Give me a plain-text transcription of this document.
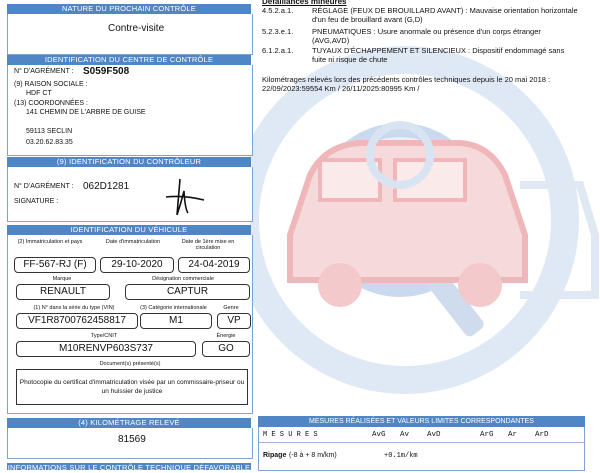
NATURE DU PROCHAIN CONTRÔLE
Contre-visite
IDENTIFICATION DU CENTRE DE CONTRÔLE
N° D'AGRÉMENT : S059F508
(9) RAISON SOCIALE :
HDF CT
(13) COORDONNÉES :
141 CHEMIN DE L'ARBRE DE GUISE
59113 SECLIN
03.20.62.83.35
(9) IDENTIFICATION DU CONTRÔLEUR
N° D'AGRÉMENT : 062D1281
SIGNATURE :
IDENTIFICATION DU VÉHICULE
(2) Immatriculation et pays	Date d'immatriculation	Date de 1ère mise en circulation
FF-567-RJ (F)	29-10-2020	24-04-2019
Marque	Désignation commerciale
RENAULT	CAPTUR
(1) N° dans la série du type (VIN)	(3) Catégorie internationale	Genre
VF1R8700762458817	M1	VP
Type/CNIT	Énergie
M10RENVP603S737	GO
Document(s) présenté(s)
Photocopie du certificat d'immatriculation visée par un commissaire-priseur ou un huissier de justice
(4) KILOMÉTRAGE RELEVÉ
81569
INFORMATIONS SUR LE CONTRÔLE TECHNIQUE DÉFAVORABLE
Défaillances mineures
4.5.2.a.1.	RÉGLAGE (FEUX DE BROUILLARD AVANT) : Mauvaise orientation horizontale d'un feu de brouillard avant (G,D)
5.2.3.e.1.	PNEUMATIQUES : Usure anormale ou présence d'un corps étranger (AVG,AVD)
6.1.2.a.1.	TUYAUX D'ÉCHAPPEMENT ET SILENCIEUX : Dispositif endommagé sans fuite ni risque de chute
Kilométrages relevés lors des précédents contrôles techniques depuis le 20 mai 2018 : 22/09/2023:59554 Km / 26/11/2025:80995 Km /
MESURES RÉALISÉES ET VALEURS LIMITES CORRESPONDANTES
M E S U R E S	AvG Av AvD	ArG Ar ArD
Ripage (-8 à + 8 m/km)	+0.1m/km
